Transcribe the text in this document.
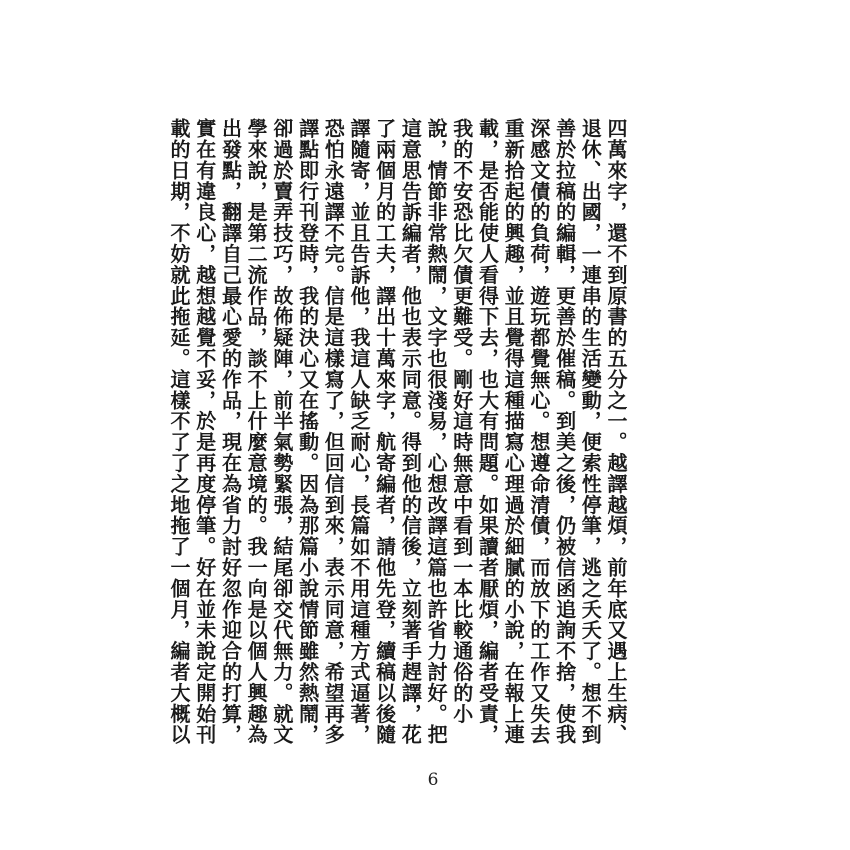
四萬來字，還不到原書的五分之一。越譯越煩，前年底又遇上生病、退休、出國，一連串的生活變動，便索性停筆，逃之夭夭了。想不到善於拉稿的編輯，更善於催稿。到美之後，仍被信函追詢不捨，使我深感文債的負荷，遊玩都覺無心。想遵命清債，而放下的工作又失去重新拾起的興趣，並且覺得這種描寫心理過於細膩的小說，在報上連載，是否能使人看得下去，也大有問題。如果讀者厭煩，編者受責，我的不安恐比欠債更難受。剛好這時無意中看到一本比較通俗的小說，情節非常熱鬧，文字也很淺易，心想改譯這篇也許省力討好。把這意思告訴編者，他也表示同意。得到他的信後，立刻著手趕譯，花了兩個月的工夫，譯出十萬來字，航寄編者，請他先登，續稿以後隨譯隨寄，並且告訴他，我這人缺乏耐心，長篇如不用這種方式逼著，恐怕永遠譯不完。信是這樣寫了，但回信到來，表示同意，希望再多譯點即行刊登時，我的決心又在搖動。因為那篇小說情節雖然熱鬧，卻過於賣弄技巧，故佈疑陣，前半氣勢緊張，結尾卻交代無力。就文學來說，是第二流作品，談不上什麼意境的。我一向是以個人興趣為出發點，翻譯自己最心愛的作品，現在為省力討好忽作迎合的打算，實在有違良心，越想越覺不妥，於是再度停筆。好在並未說定開始刊載的日期，不妨就此拖延。這樣不了了之地拖了一個月，編者大概以

6
